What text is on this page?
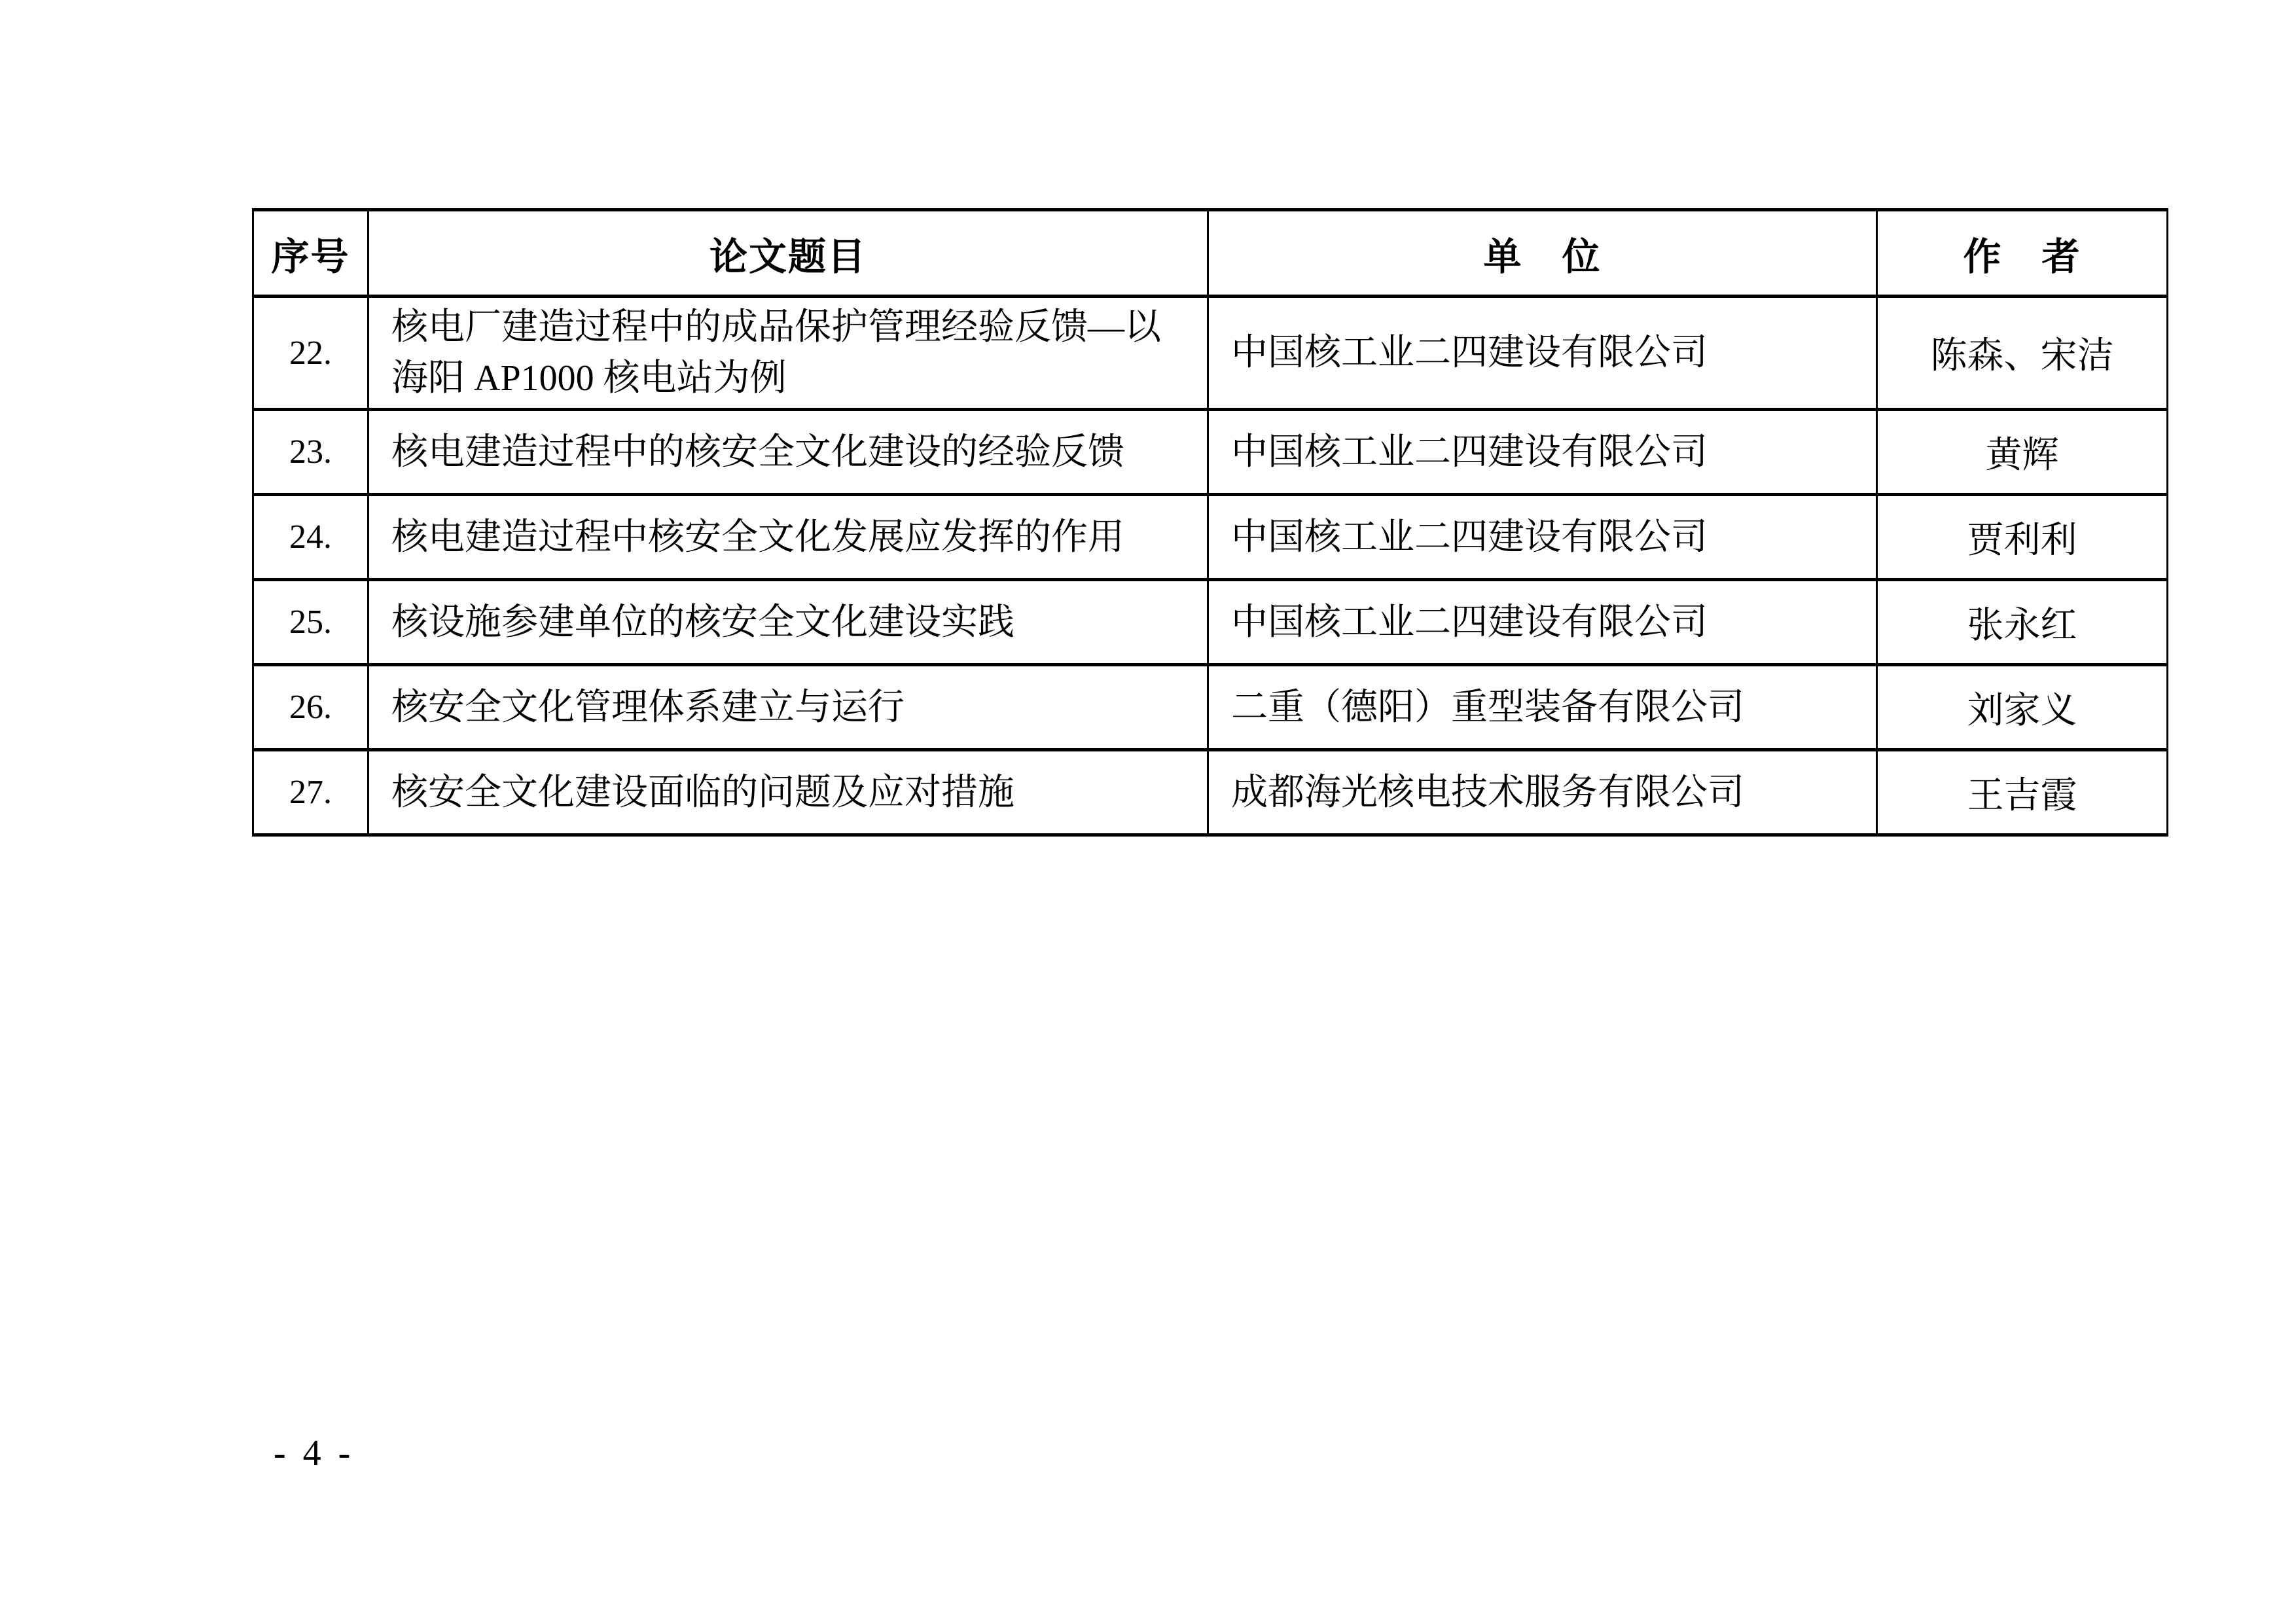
序号	论文题目	单　位	作　者
22.	核电厂建造过程中的成品保护管理经验反馈—以海阳 AP1000 核电站为例	中国核工业二四建设有限公司	陈森、宋洁
23.	核电建造过程中的核安全文化建设的经验反馈	中国核工业二四建设有限公司	黄辉
24.	核电建造过程中核安全文化发展应发挥的作用	中国核工业二四建设有限公司	贾利利
25.	核设施参建单位的核安全文化建设实践	中国核工业二四建设有限公司	张永红
26.	核安全文化管理体系建立与运行	二重（德阳）重型装备有限公司	刘家义
27.	核安全文化建设面临的问题及应对措施	成都海光核电技术服务有限公司	王吉霞
- 4 -
